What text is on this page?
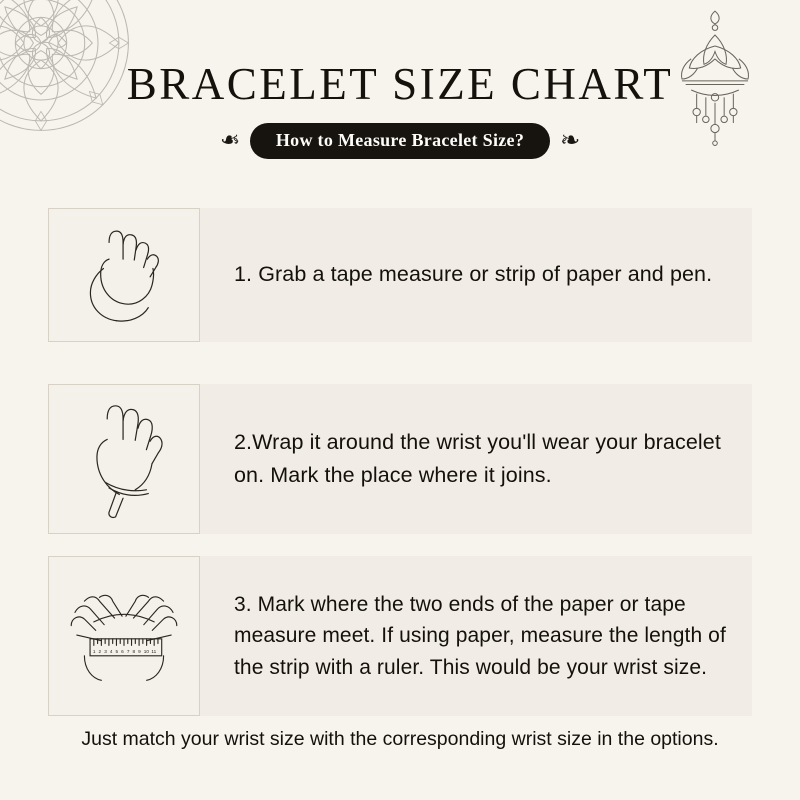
BRACELET SIZE CHART
❧	How to Measure Bracelet Size?	❧
1. Grab a tape measure or strip of paper and pen.
2.Wrap it around the wrist you'll wear your bracelet on. Mark the place where it joins.
1 2 3 4 5 6 7 8 9 10 11
3. Mark where the two ends of the paper or tape measure meet. If using paper, measure the length of the strip with a ruler. This would be your wrist size.
Just match your wrist size with the corresponding wrist size in the options.
